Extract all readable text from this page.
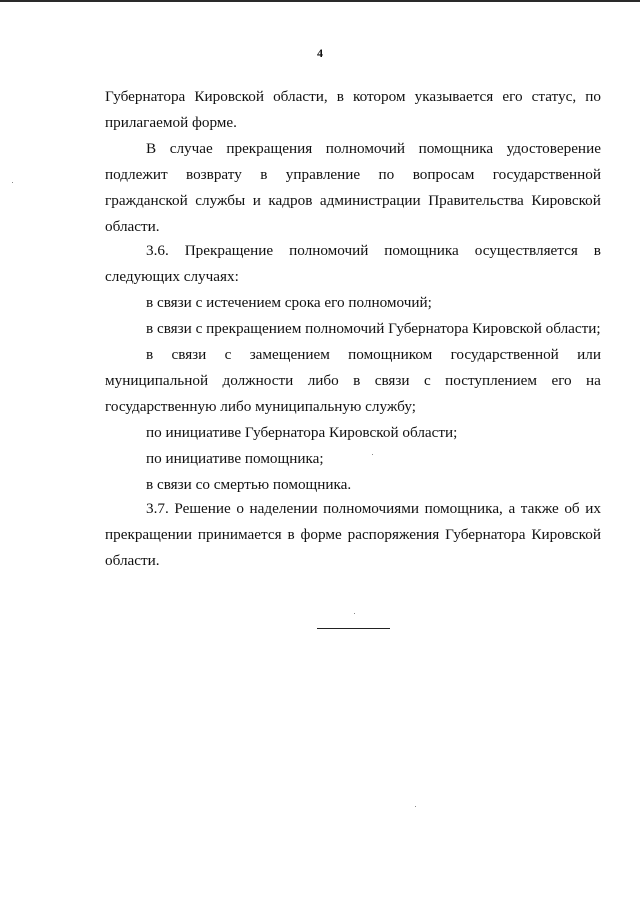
4
Губернатора Кировской области, в котором указывается его статус, по
прилагаемой форме.
В случае прекращения полномочий помощника удостоверение
подлежит возврату в управление по вопросам государственной
гражданской службы и кадров администрации Правительства Кировской
области.
3.6. Прекращение полномочий помощника осуществляется в
следующих случаях:
в связи с истечением срока его полномочий;
в связи с прекращением полномочий Губернатора Кировской области;
в связи с замещением помощником государственной или
муниципальной должности либо в связи с поступлением его на
государственную либо муниципальную службу;
по инициативе Губернатора Кировской области;
по инициативе помощника;
в связи со смертью помощника.
3.7. Решение о наделении полномочиями помощника, а также об их
прекращении принимается в форме распоряжения Губернатора Кировской
области.
